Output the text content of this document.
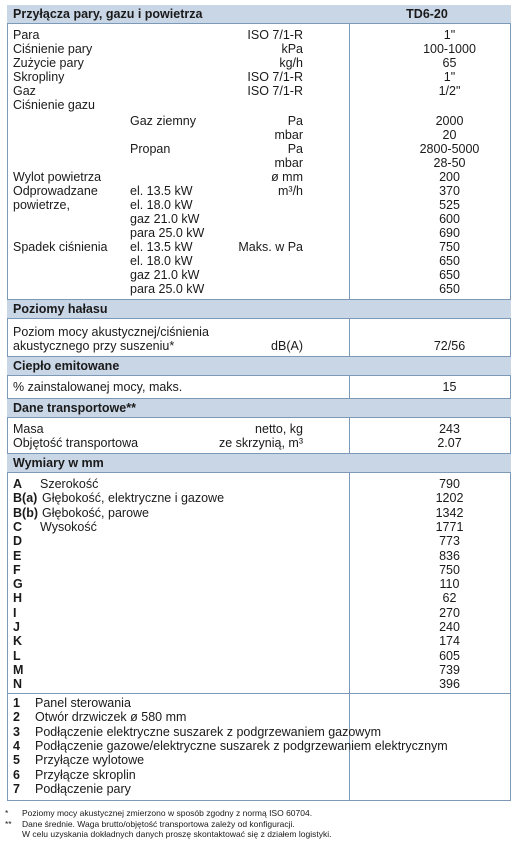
Przyłącza pary, gazu i powietrza	TD6-20
Para	ISO 7/1-R	1"
Ciśnienie pary	kPa	100-1000
Zużycie pary	kg/h	65
Skropliny	ISO 7/1-R	1"
Gaz	ISO 7/1-R	1/2"
Ciśnienie gazu
Gaz ziemny	Pa	2000
mbar	20
Propan	Pa	2800-5000
mbar	28-50
Wylot powietrza	ø mm	200
Odprowadzane
powietrze,
m³/h
el. 13.5 kW	370
el. 18.0 kW	525
gaz 21.0 kW	600
para 25.0 kW	690
Spadek ciśnienia	Maks. w Pa
el. 13.5 kW	750
el. 18.0 kW	650
gaz 21.0 kW	650
para 25.0 kW	650
Poziomy hałasu
Poziom mocy akustycznej/ciśnienia
akustycznego przy suszeniu*	dB(A)	72/56
Ciepło emitowane
% zainstalowanej mocy, maks.	15
Dane transportowe**
Masa	netto, kg	243
Objętość transportowa	ze skrzynią, m³	2.07
Wymiary w mm
A Szerokość	790
B(a) Głębokość, elektryczne i gazowe	1202
B(b) Głębokość, parowe	1342
C Wysokość	1771
D	773
E	836
F	750
G	110
H	62
I	270
J	240
K	174
L	605
M	739
N	396
1 Panel sterowania
2 Otwór drzwiczek ø 580 mm
3 Podłączenie elektryczne suszarek z podgrzewaniem gazowym
4 Podłączenie gazowe/elektryczne suszarek z podgrzewaniem elektrycznym
5 Przyłącze wylotowe
6 Przyłącze skroplin
7 Podłączenie pary
* Poziomy mocy akustycznej zmierzono w sposób zgodny z normą ISO 60704.
** Dane średnie. Waga brutto/objętość transportowa zależy od konfiguracji.
W celu uzyskania dokładnych danych proszę skontaktować się z działem logistyki.
